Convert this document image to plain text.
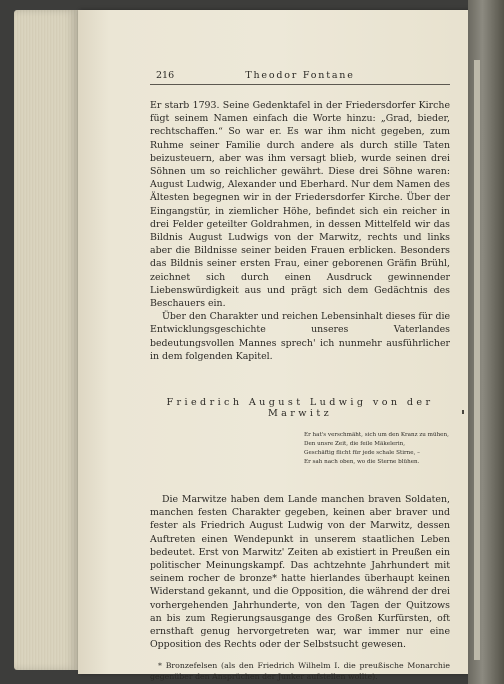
216	Theodor Fontane

Er starb 1793. Seine Gedenktafel in der Friedersdorfer Kirche fügt seinem Namen einfach die Worte hinzu: „Grad, bieder, rechtschaffen.“ So war er. Es war ihm nicht gegeben, zum Ruhme seiner Familie durch andere als durch stille Taten beizusteuern, aber was ihm versagt blieb, wurde seinen drei Söhnen um so reichlicher gewährt. Diese drei Söhne waren: August Ludwig, Alexander und Eberhard. Nur dem Namen des Ältesten begegnen wir in der Friedersdorfer Kirche. Über der Eingangstür, in ziemlicher Höhe, befindet sich ein reicher in drei Felder geteilter Goldrahmen, in dessen Mittelfeld wir das Bildnis August Ludwigs von der Marwitz, rechts und links aber die Bildnisse seiner beiden Frauen erblicken. Besonders das Bildnis seiner ersten Frau, einer geborenen Gräfin Brühl, zeichnet sich durch einen Ausdruck gewinnender Liebenswürdigkeit aus und prägt sich dem Gedächtnis des Beschauers ein.

Über den Charakter und reichen Lebensinhalt dieses für die Entwicklungsgeschichte unseres Vaterlandes bedeutungsvollen Mannes sprech' ich nunmehr ausführlicher in dem folgenden Kapitel.

Friedrich August Ludwig von der Marwitz
Er hat's verschmäht, sich um den Kranz zu mühen,
Den unsre Zeit, die feile Mäkelerin,
Geschäftig flicht für jede schale Stirne, –
Er sah nach oben, wo die Sterne blühen.

Die Marwitze haben dem Lande manchen braven Soldaten, manchen festen Charakter gegeben, keinen aber braver und fester als Friedrich August Ludwig von der Marwitz, dessen Auftreten einen Wendepunkt in unserem staatlichen Leben bedeutet. Erst von Marwitz' Zeiten ab existiert in Preußen ein politischer Meinungskampf. Das achtzehnte Jahrhundert mit seinem rocher de bronze* hatte hierlandes überhaupt keinen Widerstand gekannt, und die Opposition, die während der drei vorhergehenden Jahrhunderte, von den Tagen der Quitzows an bis zum Regierungsausgange des Großen Kurfürsten, oft ernsthaft genug hervorgetreten war, war immer nur eine Opposition des Rechts oder der Selbstsucht gewesen.

* Bronzefelsen (als den Friedrich Wilhelm I. die preußische Monarchie gegenüber den Ansprüchen der Junker aufstellen wollte).
